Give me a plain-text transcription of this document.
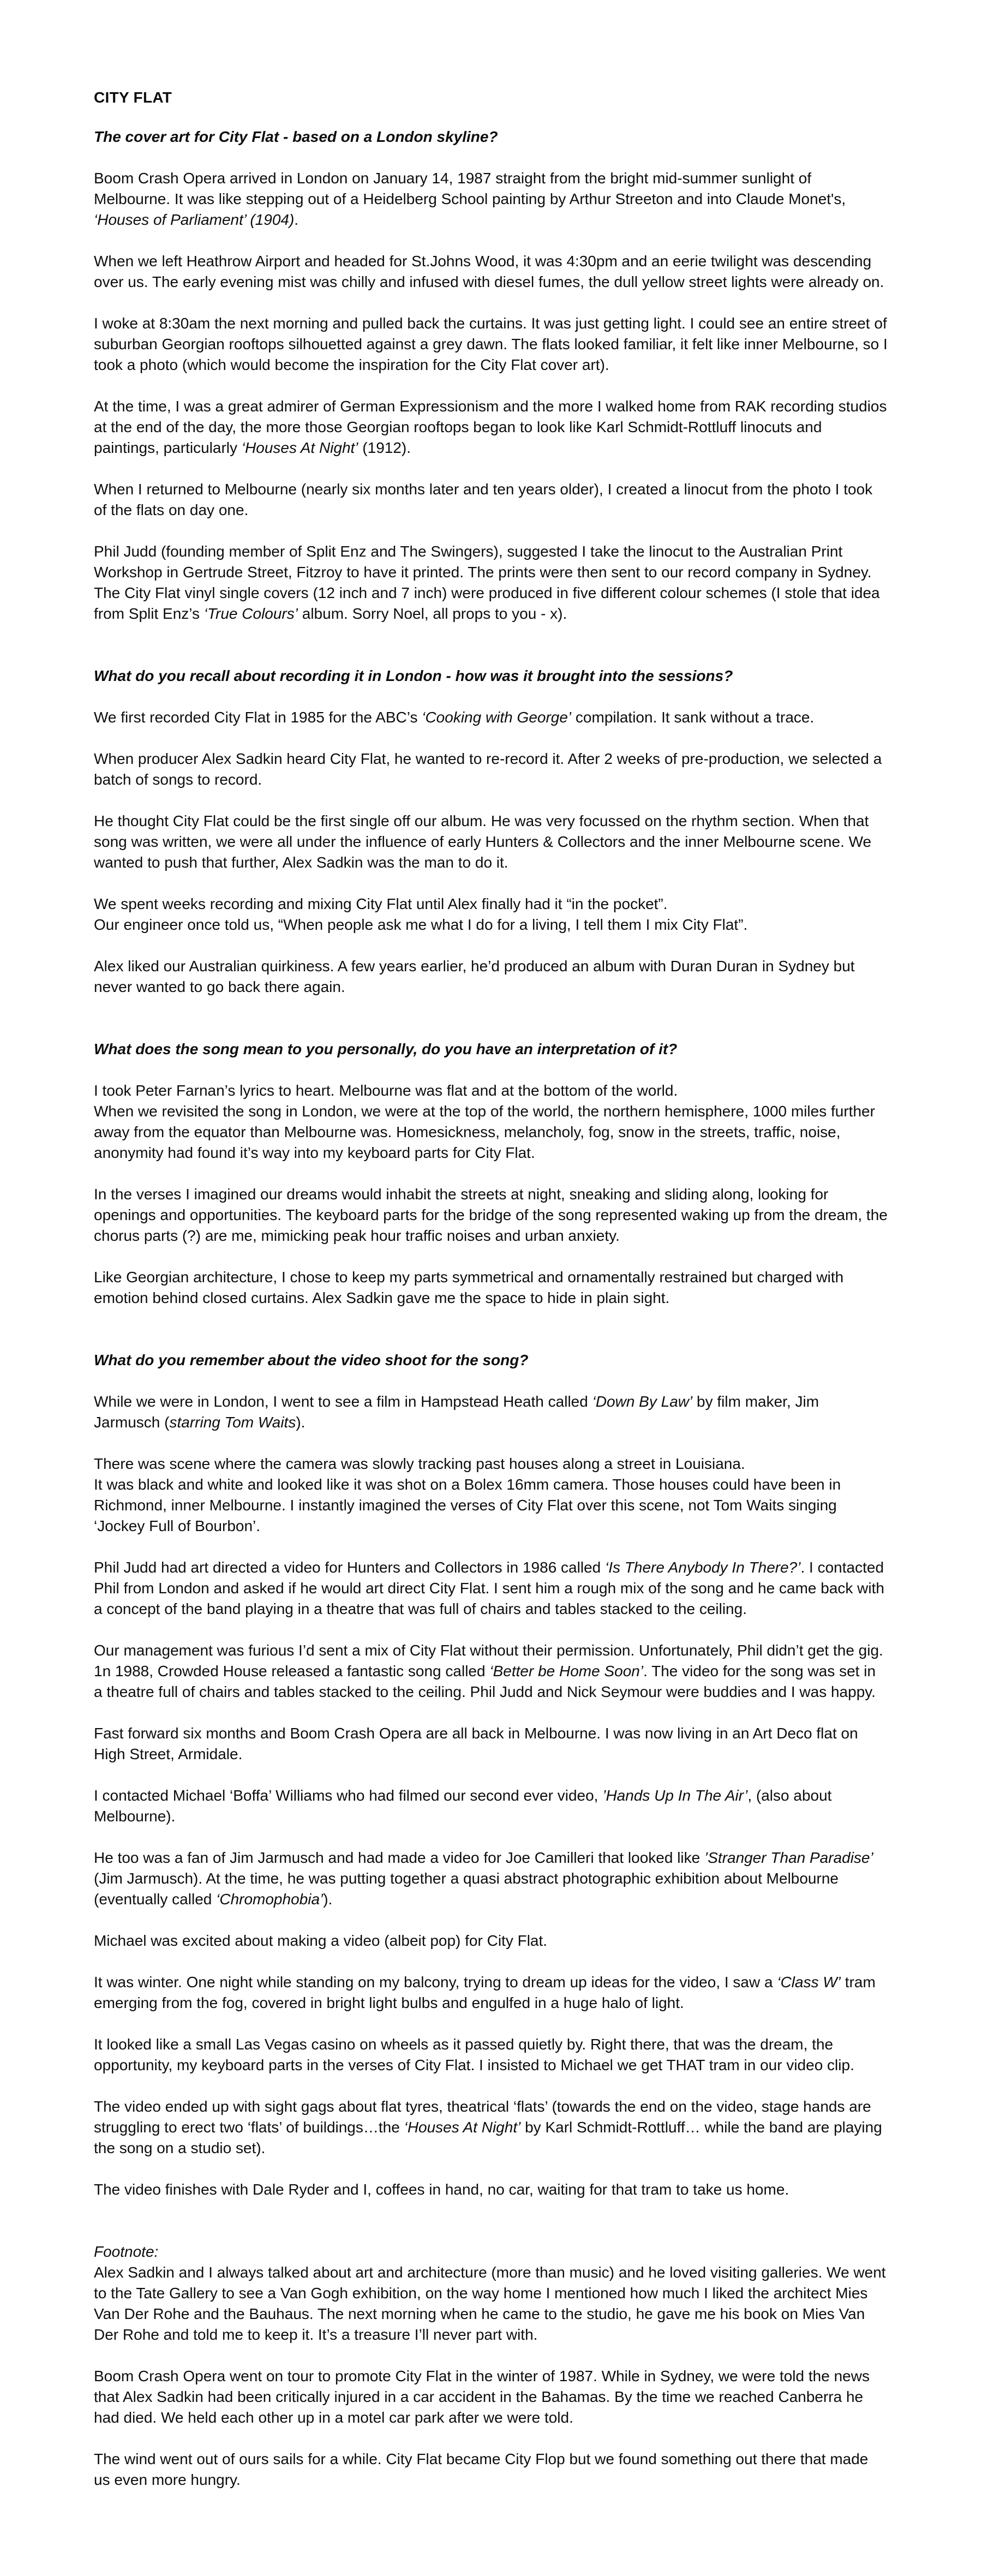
CITY FLAT
The cover art for City Flat - based on a London skyline?

Boom Crash Opera arrived in London on January 14, 1987 straight from the bright mid-summer sunlight of Melbourne. It was like stepping out of a Heidelberg School painting by Arthur Streeton and into Claude Monet's, ‘Houses of Parliament’ (1904).

When we left Heathrow Airport and headed for St.Johns Wood, it was 4:30pm and an eerie twilight was descending over us. The early evening mist was chilly and infused with diesel fumes, the dull yellow street lights were already on.

I woke at 8:30am the next morning and pulled back the curtains. It was just getting light. I could see an entire street of suburban Georgian rooftops silhouetted against a grey dawn. The flats looked familiar, it felt like inner Melbourne, so I took a photo (which would become the inspiration for the City Flat cover art).

At the time, I was a great admirer of German Expressionism and the more I walked home from RAK recording studios at the end of the day, the more those Georgian rooftops began to look like Karl Schmidt-Rottluff linocuts and paintings, particularly ‘Houses At Night’ (1912).

When I returned to Melbourne (nearly six months later and ten years older), I created a linocut from the photo I took of the flats on day one.

Phil Judd (founding member of Split Enz and The Swingers), suggested I take the linocut to the Australian Print Workshop in Gertrude Street, Fitzroy to have it printed. The prints were then sent to our record company in Sydney. The City Flat vinyl single covers (12 inch and 7 inch) were produced in five different colour schemes (I stole that idea from Split Enz’s ‘True Colours’ album. Sorry Noel, all props to you - x).

What do you recall about recording it in London - how was it brought into the sessions?

We first recorded City Flat in 1985 for the ABC’s ‘Cooking with George’ compilation. It sank without a trace.

When producer Alex Sadkin heard City Flat, he wanted to re-record it. After 2 weeks of pre-production, we selected a batch of songs to record.

He thought City Flat could be the first single off our album. He was very focussed on the rhythm section. When that song was written, we were all under the influence of early Hunters & Collectors and the inner Melbourne scene. We wanted to push that further, Alex Sadkin was the man to do it.

We spent weeks recording and mixing City Flat until Alex finally had it “in the pocket”.
Our engineer once told us, “When people ask me what I do for a living, I tell them I mix City Flat”.

Alex liked our Australian quirkiness. A few years earlier, he’d produced an album with Duran Duran in Sydney but never wanted to go back there again.

What does the song mean to you personally, do you have an interpretation of it?

I took Peter Farnan’s lyrics to heart. Melbourne was flat and at the bottom of the world.
When we revisited the song in London, we were at the top of the world, the northern hemisphere, 1000 miles further away from the equator than Melbourne was. Homesickness, melancholy, fog, snow in the streets, traffic, noise, anonymity had found it’s way into my keyboard parts for City Flat.

In the verses I imagined our dreams would inhabit the streets at night, sneaking and sliding along, looking for openings and opportunities. The keyboard parts for the bridge of the song represented waking up from the dream, the chorus parts (?) are me, mimicking peak hour traffic noises and urban anxiety.

Like Georgian architecture, I chose to keep my parts symmetrical and ornamentally restrained but charged with emotion behind closed curtains. Alex Sadkin gave me the space to hide in plain sight.

What do you remember about the video shoot for the song?

While we were in London, I went to see a film in Hampstead Heath called ‘Down By Law’ by film maker, Jim Jarmusch (starring Tom Waits).

There was scene where the camera was slowly tracking past houses along a street in Louisiana.
It was black and white and looked like it was shot on a Bolex 16mm camera. Those houses could have been in Richmond, inner Melbourne. I instantly imagined the verses of City Flat over this scene, not Tom Waits singing ‘Jockey Full of Bourbon’.

Phil Judd had art directed a video for Hunters and Collectors in 1986 called ‘Is There Anybody In There?’. I contacted Phil from London and asked if he would art direct City Flat. I sent him a rough mix of the song and he came back with a concept of the band playing in a theatre that was full of chairs and tables stacked to the ceiling.

Our management was furious I’d sent a mix of City Flat without their permission. Unfortunately, Phil didn’t get the gig. 1n 1988, Crowded House released a fantastic song called ‘Better be Home Soon’. The video for the song was set in a theatre full of chairs and tables stacked to the ceiling. Phil Judd and Nick Seymour were buddies and I was happy.

Fast forward six months and Boom Crash Opera are all back in Melbourne. I was now living in an Art Deco flat on High Street, Armidale.

I contacted Michael ‘Boffa’ Williams who had filmed our second ever video, ’Hands Up In The Air’, (also about Melbourne).

He too was a fan of Jim Jarmusch and had made a video for Joe Camilleri that looked like ’Stranger Than Paradise’ (Jim Jarmusch). At the time, he was putting together a quasi abstract photographic exhibition about Melbourne (eventually called ‘Chromophobia’).

Michael was excited about making a video (albeit pop) for City Flat.

It was winter. One night while standing on my balcony, trying to dream up ideas for the video, I saw a ‘Class W’ tram emerging from the fog, covered in bright light bulbs and engulfed in a huge halo of light.

It looked like a small Las Vegas casino on wheels as it passed quietly by. Right there, that was the dream, the opportunity, my keyboard parts in the verses of City Flat. I insisted to Michael we get THAT tram in our video clip.

The video ended up with sight gags about flat tyres, theatrical ‘flats’ (towards the end on the video, stage hands are struggling to erect two ‘flats’ of buildings…the ‘Houses At Night’ by Karl Schmidt-Rottluff… while the band are playing the song on a studio set).

The video finishes with Dale Ryder and I, coffees in hand, no car, waiting for that tram to take us home.

Footnote:
Alex Sadkin and I always talked about art and architecture (more than music) and he loved visiting galleries. We went to the Tate Gallery to see a Van Gogh exhibition, on the way home I mentioned how much I liked the architect Mies Van Der Rohe and the Bauhaus. The next morning when he came to the studio, he gave me his book on Mies Van Der Rohe and told me to keep it. It’s a treasure I’ll never part with.

Boom Crash Opera went on tour to promote City Flat in the winter of 1987. While in Sydney, we were told the news that Alex Sadkin had been critically injured in a car accident in the Bahamas. By the time we reached Canberra he had died. We held each other up in a motel car park after we were told.

The wind went out of ours sails for a while. City Flat became City Flop but we found something out there that made us even more hungry.
